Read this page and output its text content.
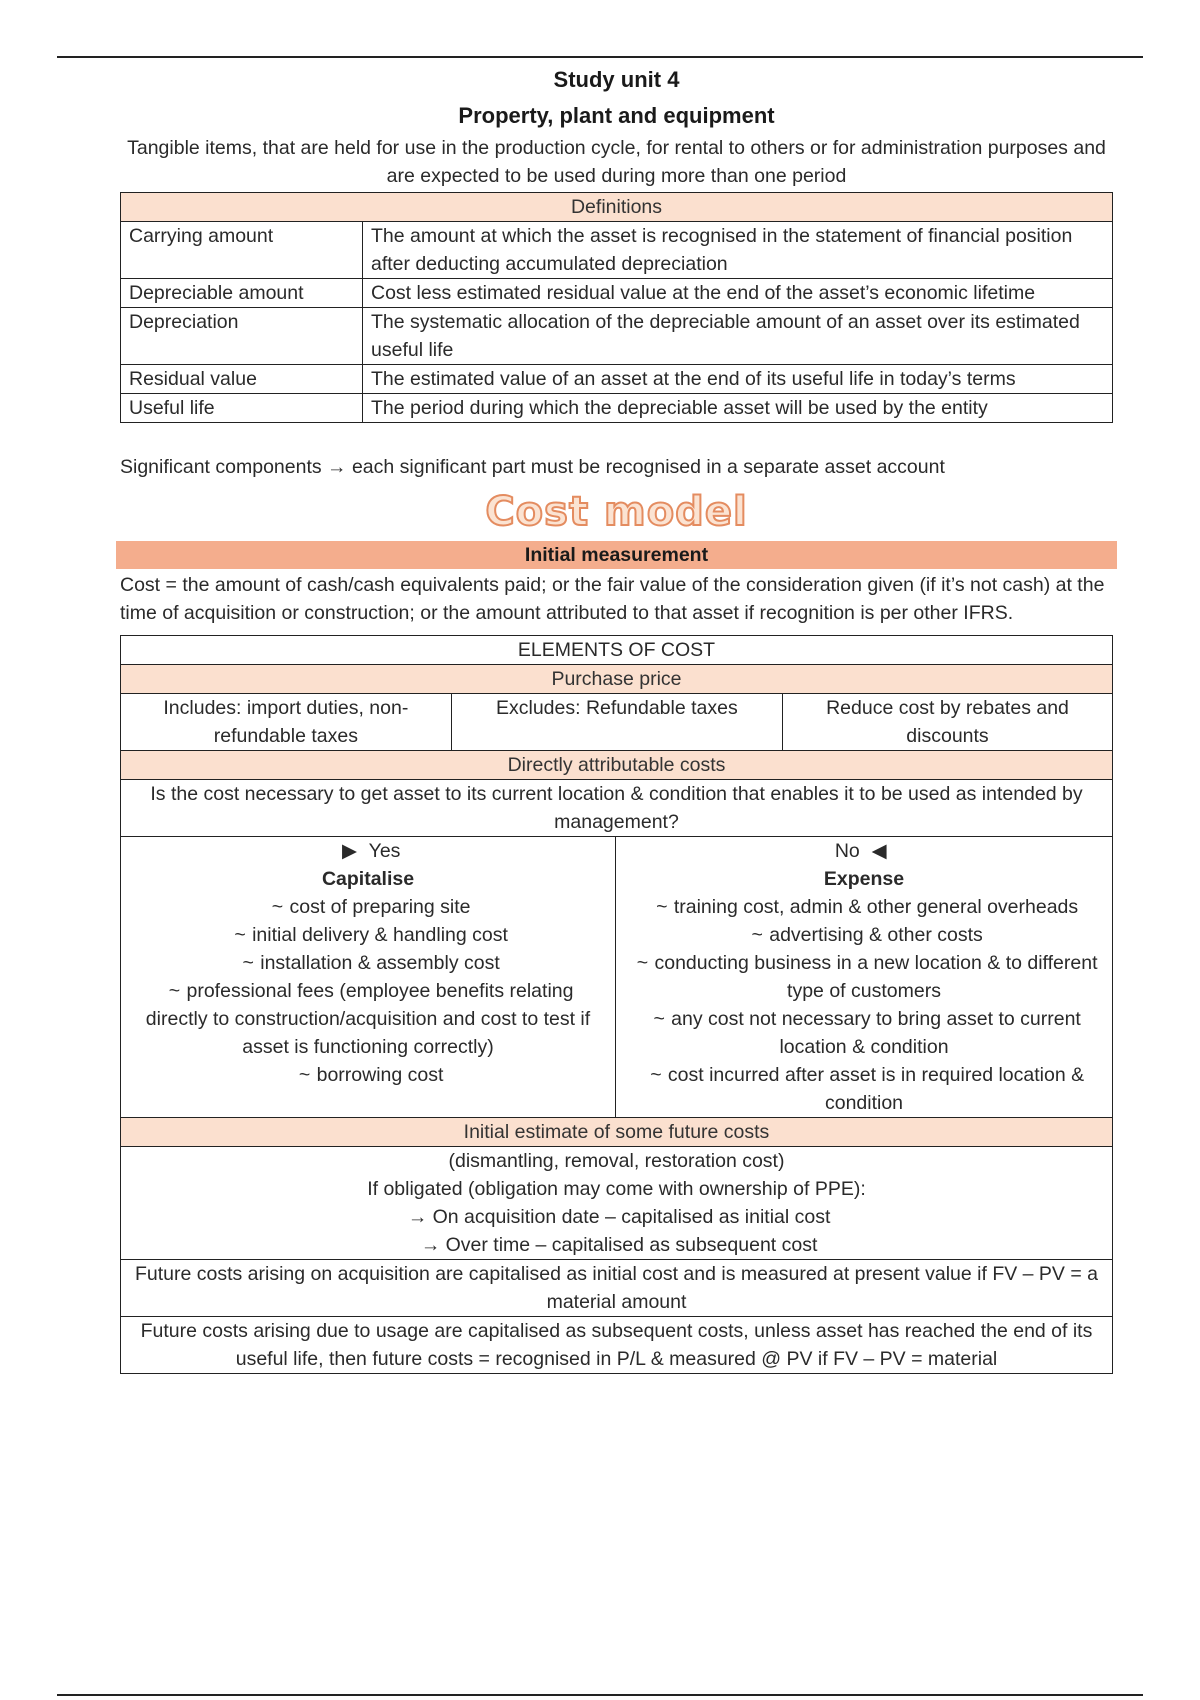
Study unit 4
Property, plant and equipment
Tangible items, that are held for use in the production cycle, for rental to others or for administration purposes and are expected to be used during more than one period
Definitions	
Carrying amount	The amount at which the asset is recognised in the statement of financial position after deducting accumulated depreciation
Depreciable amount	Cost less estimated residual value at the end of the asset’s economic lifetime
Depreciation	The systematic allocation of the depreciable amount of an asset over its estimated useful life
Residual value	The estimated value of an asset at the end of its useful life in today’s terms
Useful life	The period during which the depreciable asset will be used by the entity
Significant components → each significant part must be recognised in a separate asset account
Cost model
Initial measurement
Cost = the amount of cash/cash equivalents paid; or the fair value of the consideration given (if it’s not cash) at the time of acquisition or construction; or the amount attributed to that asset if recognition is per other IFRS.
ELEMENTS OF COST
Purchase price
Includes: import duties, non-refundable taxes	Excludes: Refundable taxes	Reduce cost by rebates and discounts
Directly attributable costs
Is the cost necessary to get asset to its current location & condition that enables it to be used as intended by management?
▶ Yes
Capitalise
~ cost of preparing site
~ initial delivery & handling cost
~ installation & assembly cost
~ professional fees (employee benefits relating directly to construction/acquisition and cost to test if asset is functioning correctly)
~ borrowing cost

No ◀
Expense
~ training cost, admin & other general overheads
~ advertising & other costs
~ conducting business in a new location & to different type of customers
~ any cost not necessary to bring asset to current location & condition
~ cost incurred after asset is in required location & condition

Initial estimate of some future costs

(dismantling, removal, restoration cost)
If obligated (obligation may come with ownership of PPE):
→ On acquisition date – capitalised as initial cost
→ Over time – capitalised as subsequent cost

Future costs arising on acquisition are capitalised as initial cost and is measured at present value if FV – PV = a material amount
Future costs arising due to usage are capitalised as subsequent costs, unless asset has reached the end of its useful life, then future costs = recognised in P/L & measured @ PV if FV – PV = material
